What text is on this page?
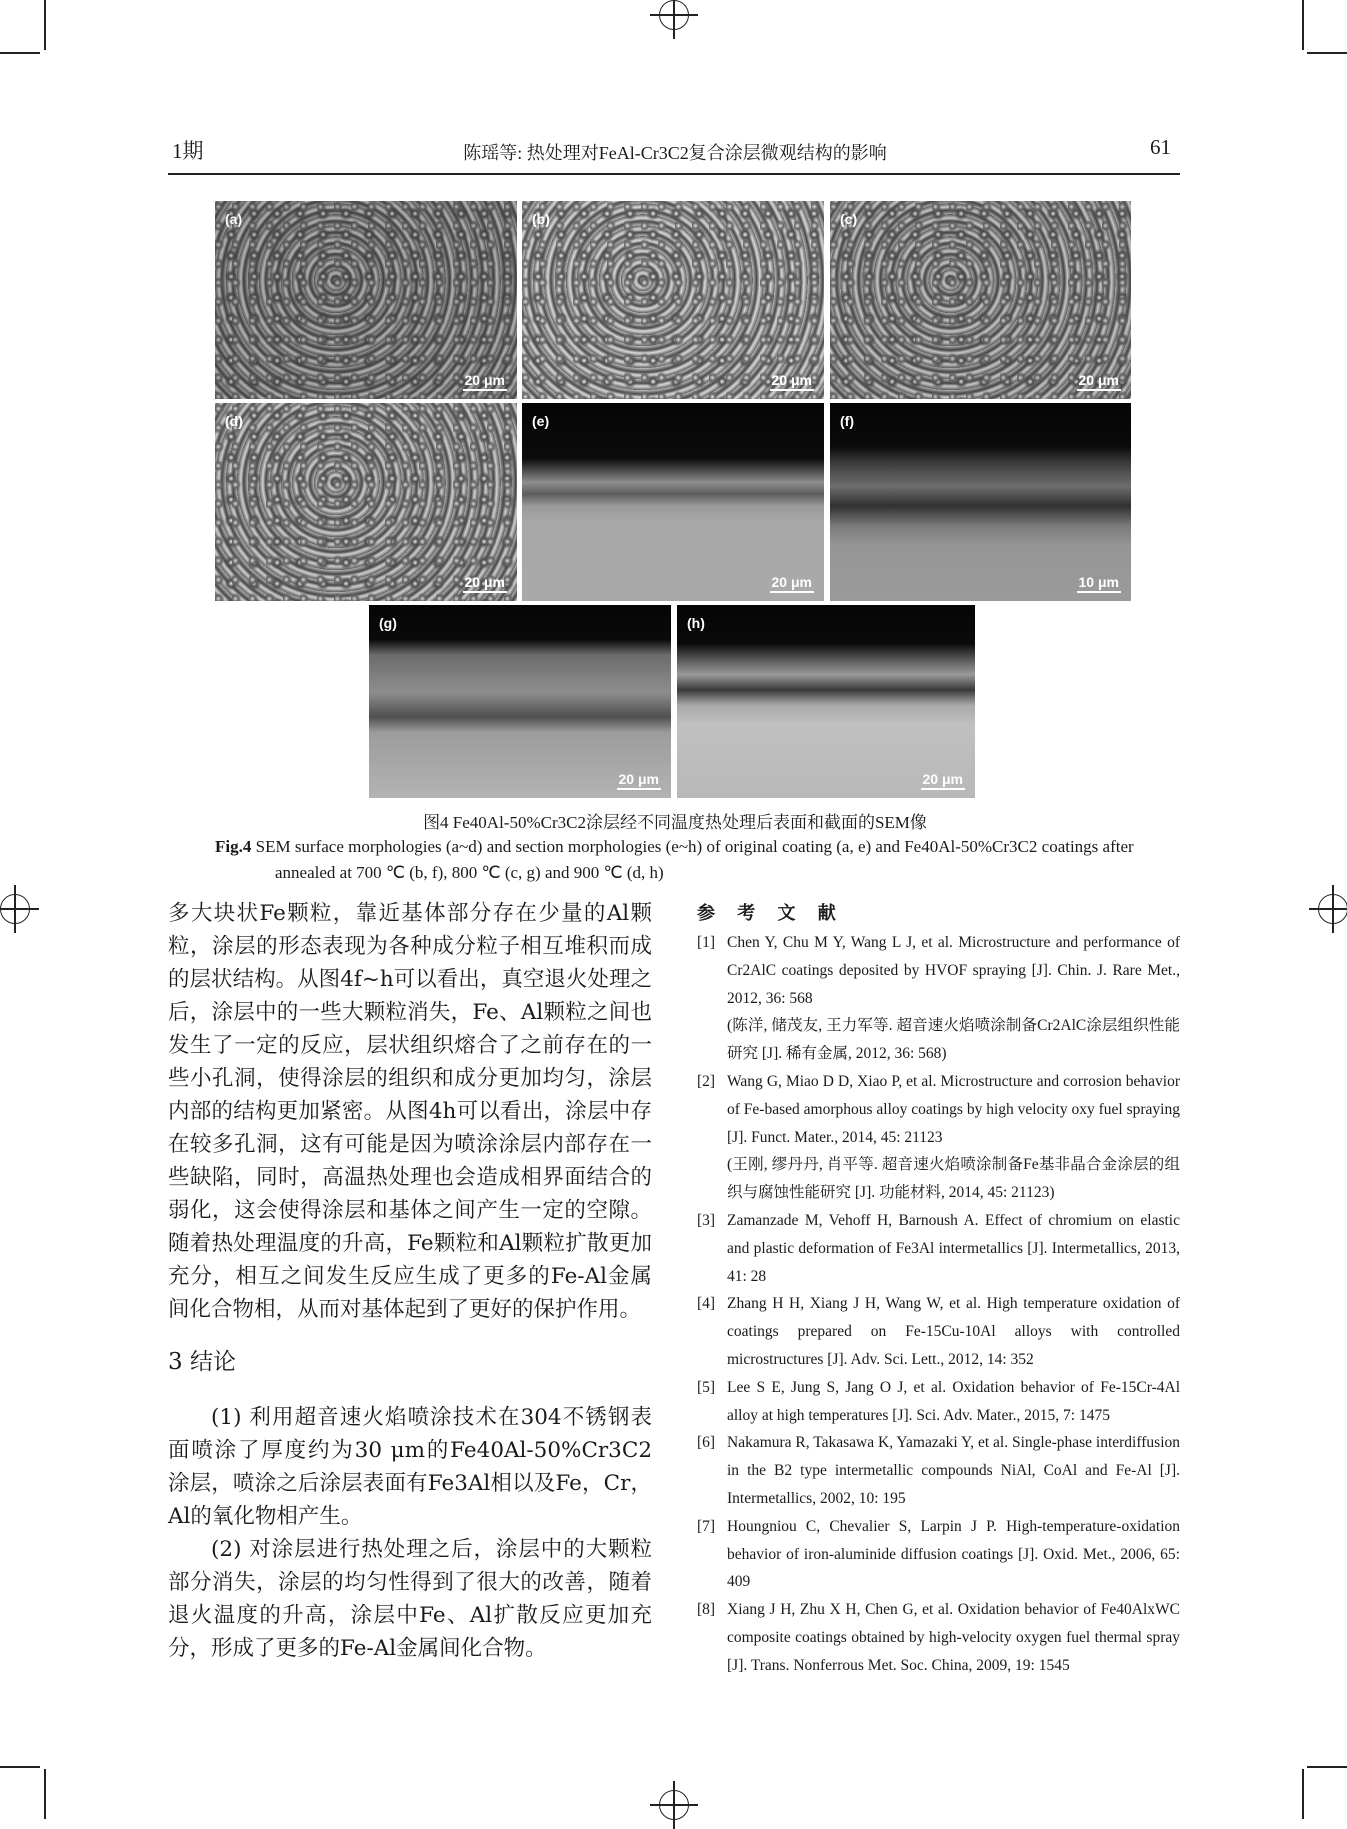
1期	陈瑶等: 热处理对FeAl-Cr3C2复合涂层微观结构的影响	61
(a)
20 μm
(b)
20 μm
(c)
20 μm
(d)
20 μm
(e)
20 μm
(f)
10 μm
(g)
20 μm
(h)
20 μm
图4 Fe40Al-50%Cr3C2涂层经不同温度热处理后表面和截面的SEM像
Fig.4 SEM surface morphologies (a~d) and section morphologies (e~h) of original coating (a, e) and Fe40Al-50%Cr3C2 coatings after annealed at 700 ℃ (b, f), 800 ℃ (c, g) and 900 ℃ (d, h)

多大块状Fe颗粒，靠近基体部分存在少量的Al颗粒，涂层的形态表现为各种成分粒子相互堆积而成的层状结构。从图4f~h可以看出，真空退火处理之后，涂层中的一些大颗粒消失，Fe、Al颗粒之间也发生了一定的反应，层状组织熔合了之前存在的一些小孔洞，使得涂层的组织和成分更加均匀，涂层内部的结构更加紧密。从图4h可以看出，涂层中存在较多孔洞，这有可能是因为喷涂涂层内部存在一些缺陷，同时，高温热处理也会造成相界面结合的弱化，这会使得涂层和基体之间产生一定的空隙。随着热处理温度的升高，Fe颗粒和Al颗粒扩散更加充分，相互之间发生反应生成了更多的Fe-Al金属间化合物相，从而对基体起到了更好的保护作用。

3 结论

(1) 利用超音速火焰喷涂技术在304不锈钢表面喷涂了厚度约为30 μm的Fe40Al-50%Cr3C2涂层，喷涂之后涂层表面有Fe3Al相以及Fe，Cr，Al的氧化物相产生。

(2) 对涂层进行热处理之后，涂层中的大颗粒部分消失，涂层的均匀性得到了很大的改善，随着退火温度的升高，涂层中Fe、Al扩散反应更加充分，形成了更多的Fe-Al金属间化合物。

参 考 文 献
[1] Chen Y, Chu M Y, Wang L J, et al. Microstructure and performance of Cr2AlC coatings deposited by HVOF spraying [J]. Chin. J. Rare Met., 2012, 36: 568
(陈洋, 储茂友, 王力军等. 超音速火焰喷涂制备Cr2AlC涂层组织性能研究 [J]. 稀有金属, 2012, 36: 568)
[2] Wang G, Miao D D, Xiao P, et al. Microstructure and corrosion behavior of Fe-based amorphous alloy coatings by high velocity oxy fuel spraying [J]. Funct. Mater., 2014, 45: 21123
(王刚, 缪丹丹, 肖平等. 超音速火焰喷涂制备Fe基非晶合金涂层的组织与腐蚀性能研究 [J]. 功能材料, 2014, 45: 21123)
[3] Zamanzade M, Vehoff H, Barnoush A. Effect of chromium on elastic and plastic deformation of Fe3Al intermetallics [J]. Intermetallics, 2013, 41: 28
[4] Zhang H H, Xiang J H, Wang W, et al. High temperature oxidation of coatings prepared on Fe-15Cu-10Al alloys with controlled microstructures [J]. Adv. Sci. Lett., 2012, 14: 352
[5] Lee S E, Jung S, Jang O J, et al. Oxidation behavior of Fe-15Cr-4Al alloy at high temperatures [J]. Sci. Adv. Mater., 2015, 7: 1475
[6] Nakamura R, Takasawa K, Yamazaki Y, et al. Single-phase interdiffusion in the B2 type intermetallic compounds NiAl, CoAl and Fe-Al [J]. Intermetallics, 2002, 10: 195
[7] Houngniou C, Chevalier S, Larpin J P. High-temperature-oxidation behavior of iron-aluminide diffusion coatings [J]. Oxid. Met., 2006, 65: 409
[8] Xiang J H, Zhu X H, Chen G, et al. Oxidation behavior of Fe40AlxWC composite coatings obtained by high-velocity oxygen fuel thermal spray [J]. Trans. Nonferrous Met. Soc. China, 2009, 19: 1545
